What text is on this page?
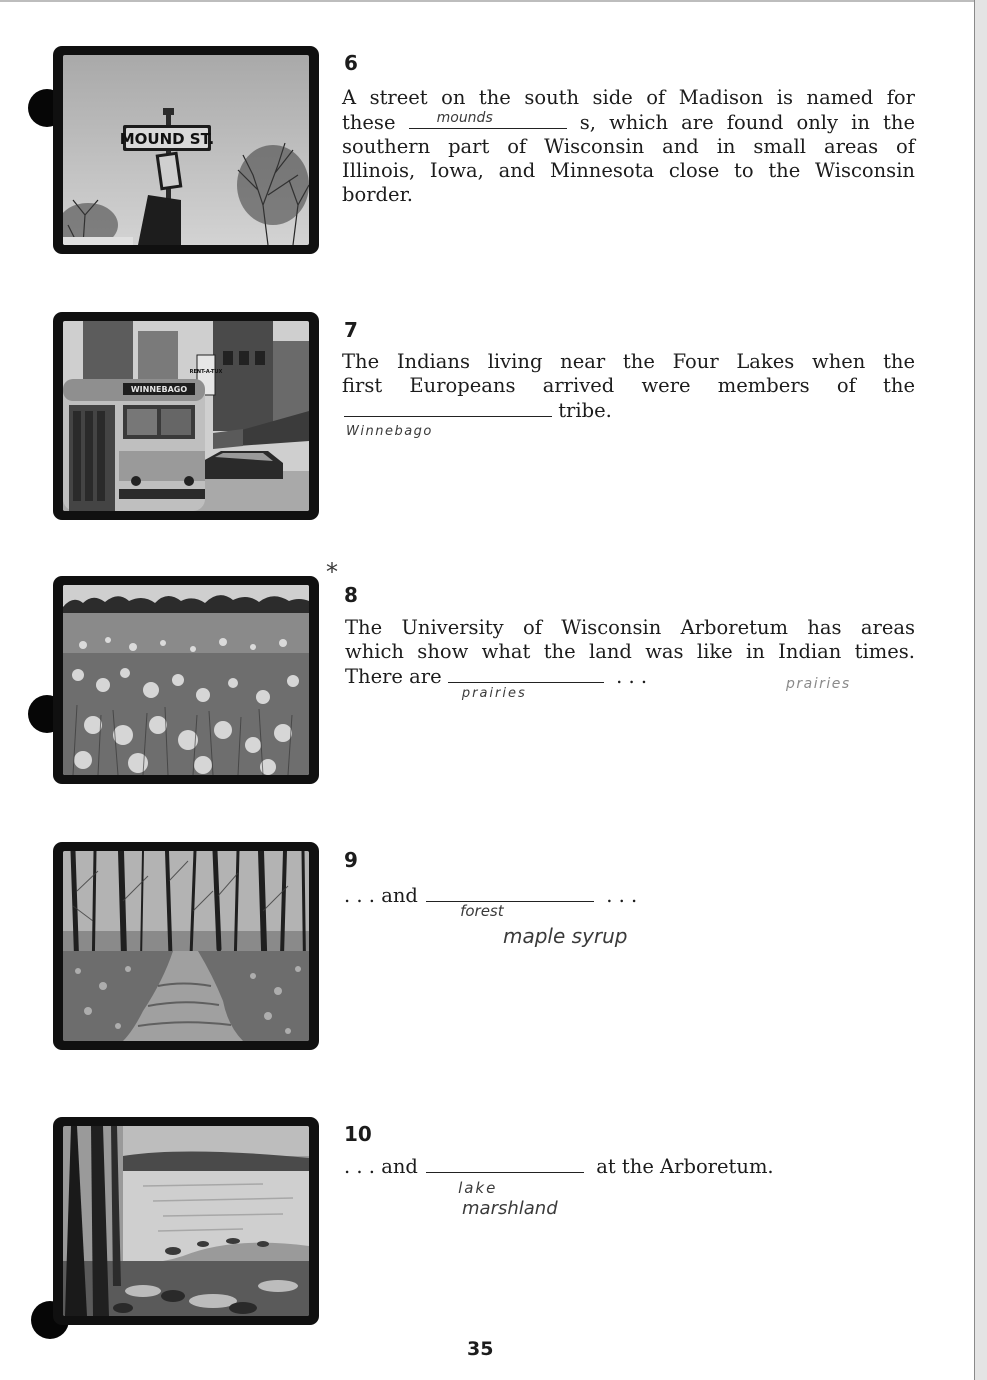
MOUND ST.
6
A street on the south side of Madison is named for
these	mounds	s, which are found only in the
southern part of Wisconsin and in small areas of
Illinois, Iowa, and Minnesota close to the Wisconsin
border.
RENT-A-TUX
WINNEBAGO
7
The Indians living near the Four Lakes when the
first Europeans arrived were members of the
Winnebago
tribe.
*
8
The University of Wisconsin Arboretum has areas
which show what the land was like in Indian times.
There are
prairies
. . .	prairies
9
. . . and
forest
. . .
maple syrup
10
. . . and
lake
at the Arboretum.
marshland
35
